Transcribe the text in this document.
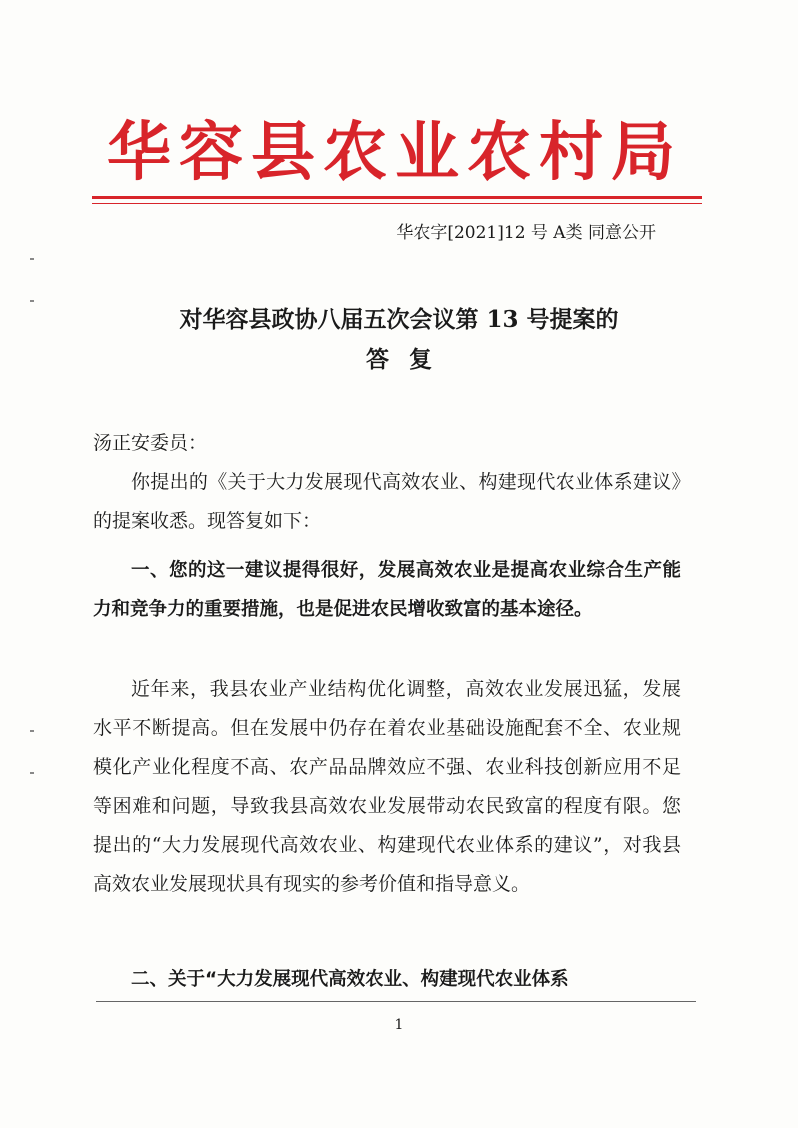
华容县农业农村局
华农字[2021]12 号 A类 同意公开
对华容县政协八届五次会议第 13 号提案的
答复
汤正安委员：
你提出的《关于大力发展现代高效农业、构建现代农业体系建议》的提案收悉。现答复如下：
一、您的这一建议提得很好，发展高效农业是提高农业综合生产能力和竞争力的重要措施，也是促进农民增收致富的基本途径。
近年来，我县农业产业结构优化调整，高效农业发展迅猛，发展水平不断提高。但在发展中仍存在着农业基础设施配套不全、农业规模化产业化程度不高、农产品品牌效应不强、农业科技创新应用不足等困难和问题，导致我县高效农业发展带动农民致富的程度有限。您提出的“大力发展现代高效农业、构建现代农业体系的建议”，对我县高效农业发展现状具有现实的参考价值和指导意义。
二、关于“大力发展现代高效农业、构建现代农业体系
1
